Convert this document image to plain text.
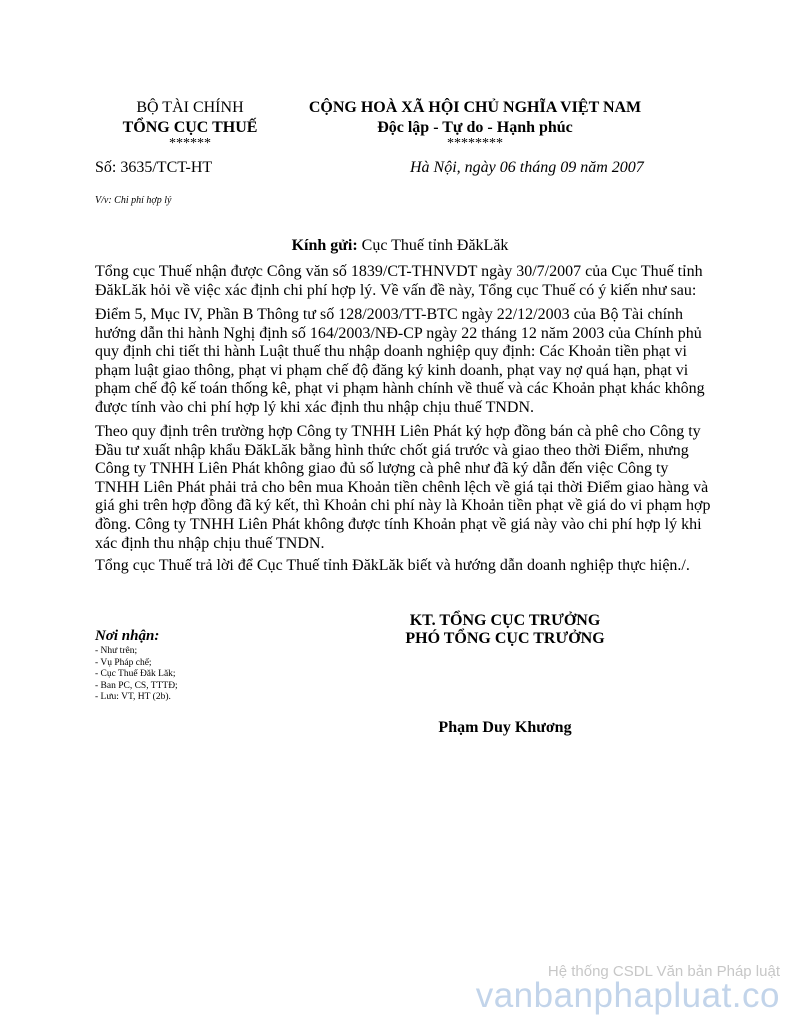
BỘ TÀI CHÍNH
TỔNG CỤC THUẾ
******
CỘNG HOÀ XÃ HỘI CHỦ NGHĨA VIỆT NAM
Độc lập - Tự do - Hạnh phúc
********
Số: 3635/TCT-HT	Hà Nội, ngày 06 tháng 09 năm 2007
V/v: Chi phí hợp lý
Kính gửi: Cục Thuế tỉnh ĐăkLăk

Tổng cục Thuế nhận được Công văn số 1839/CT-THNVDT ngày 30/7/2007 của Cục Thuế tỉnh ĐăkLăk hỏi về việc xác định chi phí hợp lý. Về vấn đề này, Tổng cục Thuế có ý kiến như sau:

Điểm 5, Mục IV, Phần B Thông tư số 128/2003/TT-BTC ngày 22/12/2003 của Bộ Tài chính hướng dẫn thi hành Nghị định số 164/2003/NĐ-CP ngày 22 tháng 12 năm 2003 của Chính phủ quy định chi tiết thi hành Luật thuế thu nhập doanh nghiệp quy định: Các Khoản tiền phạt vi phạm luật giao thông, phạt vi phạm chế độ đăng ký kinh doanh, phạt vay nợ quá hạn, phạt vi phạm chế độ kế toán thống kê, phạt vi phạm hành chính về thuế và các Khoản phạt khác không được tính vào chi phí hợp lý khi xác định thu nhập chịu thuế TNDN.

Theo quy định trên trường hợp Công ty TNHH Liên Phát ký hợp đồng bán cà phê cho Công ty Đầu tư xuất nhập khẩu ĐăkLăk bằng hình thức chốt giá trước và giao theo thời Điểm, nhưng Công ty TNHH Liên Phát không giao đủ số lượng cà phê như đã ký dẫn đến việc Công ty TNHH Liên Phát phải trả cho bên mua Khoản tiền chênh lệch về giá tại thời Điểm giao hàng và giá ghi trên hợp đồng đã ký kết, thì Khoản chi phí này là Khoản tiền phạt về giá do vi phạm hợp đồng. Công ty TNHH Liên Phát không được tính Khoản phạt về giá này vào chi phí hợp lý khi xác định thu nhập chịu thuế TNDN.

Tổng cục Thuế trả lời để Cục Thuế tỉnh ĐăkLăk biết và hướng dẫn doanh nghiệp thực hiện./.

KT. TỔNG CỤC TRƯỞNG
PHÓ TỔNG CỤC TRƯỞNG
Phạm Duy Khương
Nơi nhận:
- Như trên;
- Vụ Pháp chế;
- Cục Thuế Đăk Lăk;
- Ban PC, CS, TTTĐ;
- Lưu: VT, HT (2b).
Hệ thống CSDL Văn bản Pháp luật
vanbanphapluat.co
